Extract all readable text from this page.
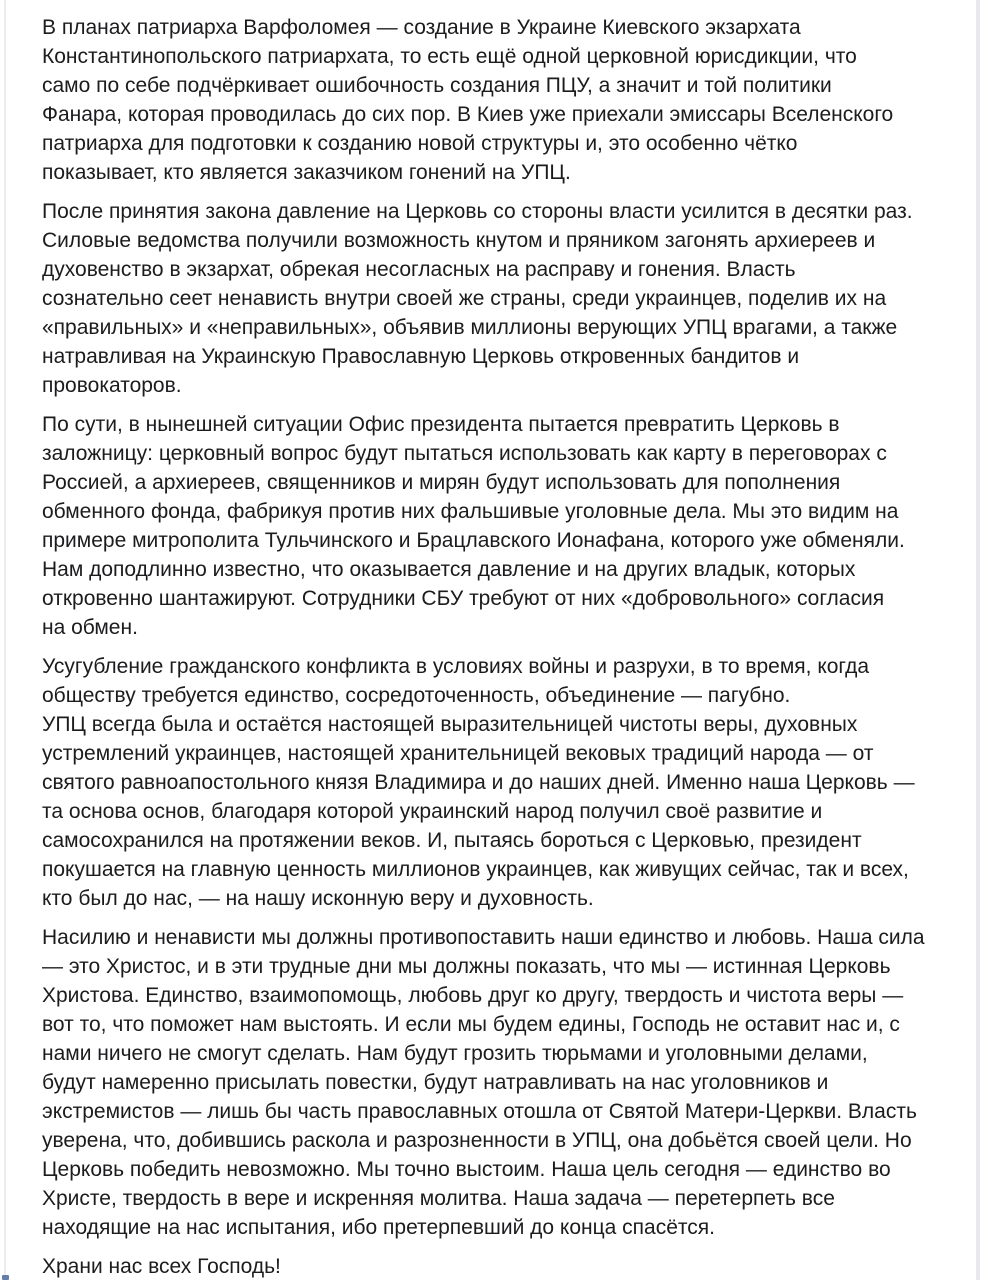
В планах патриарха Варфоломея — создание в Украине Киевского экзархата
Константинопольского патриархата, то есть ещё одной церковной юрисдикции, что
само по себе подчёркивает ошибочность создания ПЦУ, а значит и той политики
Фанара, которая проводилась до сих пор. В Киев уже приехали эмиссары Вселенского
патриарха для подготовки к созданию новой структуры и, это особенно чётко
показывает, кто является заказчиком гонений на УПЦ.

После принятия закона давление на Церковь со стороны власти усилится в десятки раз.
Силовые ведомства получили возможность кнутом и пряником загонять архиереев и
духовенство в экзархат, обрекая несогласных на расправу и гонения. Власть
сознательно сеет ненависть внутри своей же страны, среди украинцев, поделив их на
«правильных» и «неправильных», объявив миллионы верующих УПЦ врагами, а также
натравливая на Украинскую Православную Церковь откровенных бандитов и
провокаторов.

По сути, в нынешней ситуации Офис президента пытается превратить Церковь в
заложницу: церковный вопрос будут пытаться использовать как карту в переговорах с
Россией, а архиереев, священников и мирян будут использовать для пополнения
обменного фонда, фабрикуя против них фальшивые уголовные дела. Мы это видим на
примере митрополита Тульчинского и Брацлавского Ионафана, которого уже обменяли.
Нам доподлинно известно, что оказывается давление и на других владык, которых
откровенно шантажируют. Сотрудники СБУ требуют от них «добровольного» согласия
на обмен.

Усугубление гражданского конфликта в условиях войны и разрухи, в то время, когда
обществу требуется единство, сосредоточенность, объединение — пагубно.
УПЦ всегда была и остаётся настоящей выразительницей чистоты веры, духовных
устремлений украинцев, настоящей хранительницей вековых традиций народа — от
святого равноапостольного князя Владимира и до наших дней. Именно наша Церковь —
та основа основ, благодаря которой украинский народ получил своё развитие и
самосохранился на протяжении веков. И, пытаясь бороться с Церковью, президент
покушается на главную ценность миллионов украинцев, как живущих сейчас, так и всех,
кто был до нас, — на нашу исконную веру и духовность.

Насилию и ненависти мы должны противопоставить наши единство и любовь. Наша сила
— это Христос, и в эти трудные дни мы должны показать, что мы — истинная Церковь
Христова. Единство, взаимопомощь, любовь друг ко другу, твердость и чистота веры —
вот то, что поможет нам выстоять. И если мы будем едины, Господь не оставит нас и, с
нами ничего не смогут сделать. Нам будут грозить тюрьмами и уголовными делами,
будут намеренно присылать повестки, будут натравливать на нас уголовников и
экстремистов — лишь бы часть православных отошла от Святой Матери-Церкви. Власть
уверена, что, добившись раскола и разрозненности в УПЦ, она добьётся своей цели. Но
Церковь победить невозможно. Мы точно выстоим. Наша цель сегодня — единство во
Христе, твердость в вере и искренняя молитва. Наша задача — перетерпеть все
находящие на нас испытания, ибо претерпевший до конца спасётся.

Храни нас всех Господь!
